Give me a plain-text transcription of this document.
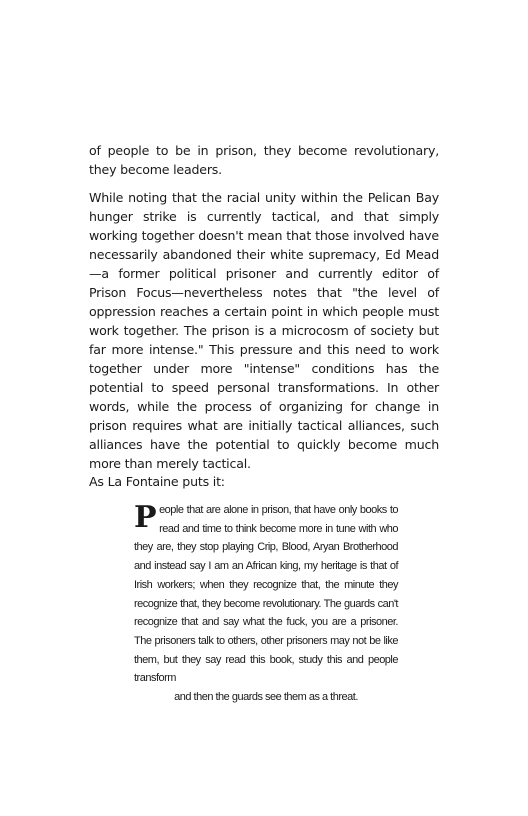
of people to be in prison, they become revolutionary, they become leaders.

While noting that the racial unity within the Pelican Bay hunger strike is currently tactical, and that simply working together doesn't mean that those involved have necessarily abandoned their white supremacy, Ed Mead—a former political prisoner and currently editor of Prison Focus—nevertheless notes that "the level of oppression reaches a certain point in which people must work together. The prison is a microcosm of society but far more intense." This pressure and this need to work together under more "intense" conditions has the potential to speed personal transformations. In other words, while the process of organizing for change in prison requires what are initially tactical alliances, such alliances have the potential to quickly become much more than merely tactical.

As La Fontaine puts it:

People that are alone in prison, that have only books to read and time to think become more in tune with who they are, they stop playing Crip, Blood, Aryan Brotherhood and instead say I am an African king, my heritage is that of Irish workers; when they recognize that, the minute they recognize that, they become revolutionary. The guards can't recognize that and say what the fuck, you are a prisoner. The prisoners talk to others, other prisoners may not be like them, but they say read this book, study this and people transform
and then the guards see them as a threat.
